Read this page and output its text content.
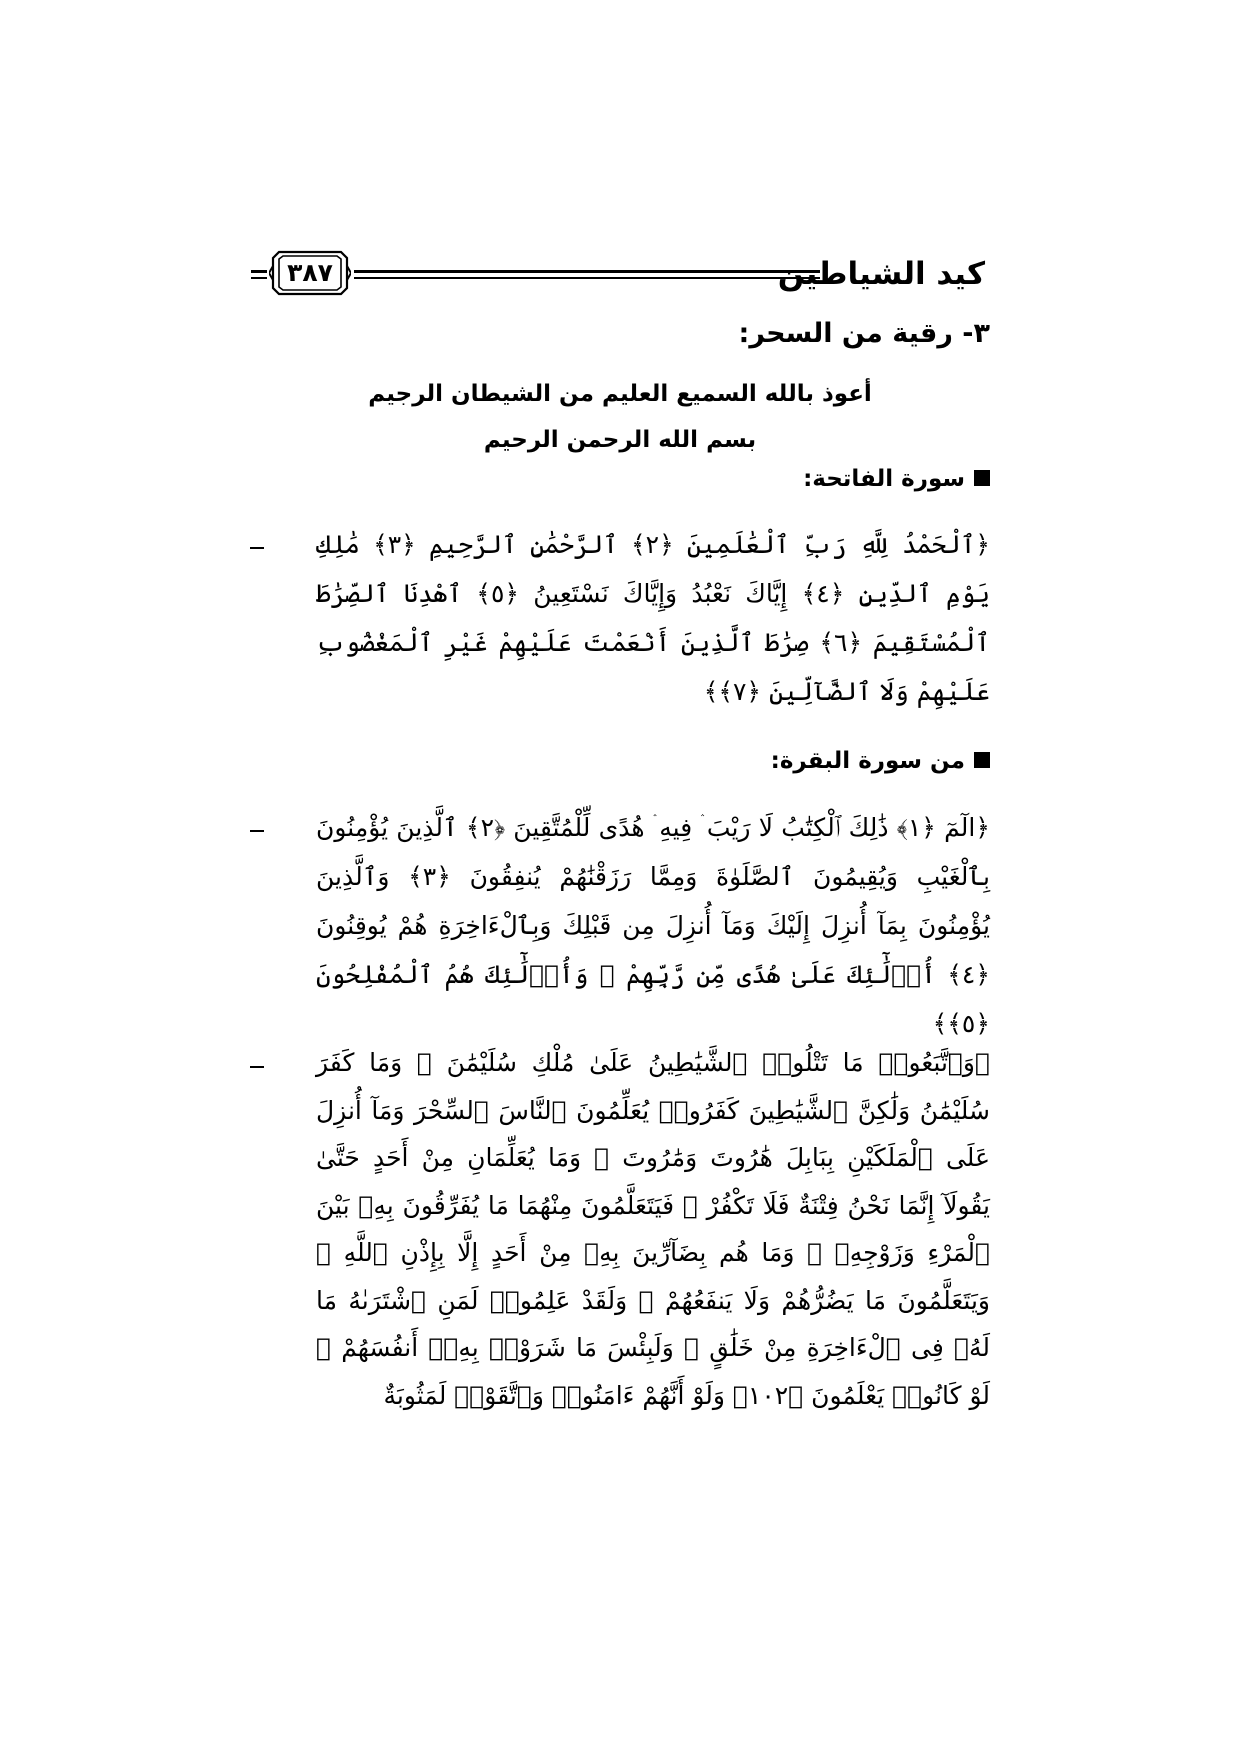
٣٨٧	كيد الشياطين
٣- رقية من السحر:
أعوذ بالله السميع العليم من الشيطان الرجيم
بسم الله الرحمن الرحيم
سورة الفاتحة:
﴿ٱلْحَمْدُ لِلَّهِ رَبِّ ٱلْعَٰلَمِينَ ﴿٢﴾ ٱلرَّحْمَٰنِ ٱلرَّحِيمِ ﴿٣﴾ مَٰلِكِ يَوْمِ ٱلدِّينِ ﴿٤﴾ إِيَّاكَ نَعْبُدُ وَإِيَّاكَ نَسْتَعِينُ ﴿٥﴾ ٱهْدِنَا ٱلصِّرَٰطَ ٱلْمُسْتَقِيمَ ﴿٦﴾ صِرَٰطَ ٱلَّذِينَ أَنْعَمْتَ عَلَيْهِمْ غَيْرِ ٱلْمَغْضُوبِ عَلَيْهِمْ وَلَا ٱلضَّآلِّينَ ﴿٧﴾﴾
من سورة البقرة:
﴿الٓمٓ ﴿١﴾ ذَٰلِكَ ٱلْكِتَٰبُ لَا رَيْبَ ۛ فِيهِ ۛ هُدًى لِّلْمُتَّقِينَ ﴿٢﴾ ٱلَّذِينَ يُؤْمِنُونَ بِٱلْغَيْبِ وَيُقِيمُونَ ٱلصَّلَوٰةَ وَمِمَّا رَزَقْنَٰهُمْ يُنفِقُونَ ﴿٣﴾ وَٱلَّذِينَ يُؤْمِنُونَ بِمَآ أُنزِلَ إِلَيْكَ وَمَآ أُنزِلَ مِن قَبْلِكَ وَبِٱلْءَاخِرَةِ هُمْ يُوقِنُونَ ﴿٤﴾ أُو۟لَٰٓئِكَ عَلَىٰ هُدًى مِّن رَّبِّهِمْ ۖ وَأُو۟لَٰٓئِكَ هُمُ ٱلْمُفْلِحُونَ ﴿٥﴾﴾
﴿وَٱتَّبَعُوا۟ مَا تَتْلُوا۟ ٱلشَّيَٰطِينُ عَلَىٰ مُلْكِ سُلَيْمَٰنَ ۖ وَمَا كَفَرَ سُلَيْمَٰنُ وَلَٰكِنَّ ٱلشَّيَٰطِينَ كَفَرُوا۟ يُعَلِّمُونَ ٱلنَّاسَ ٱلسِّحْرَ وَمَآ أُنزِلَ عَلَى ٱلْمَلَكَيْنِ بِبَابِلَ هَٰرُوتَ وَمَٰرُوتَ ۚ وَمَا يُعَلِّمَانِ مِنْ أَحَدٍ حَتَّىٰ يَقُولَآ إِنَّمَا نَحْنُ فِتْنَةٌ فَلَا تَكْفُرْ ۖ فَيَتَعَلَّمُونَ مِنْهُمَا مَا يُفَرِّقُونَ بِهِۦ بَيْنَ ٱلْمَرْءِ وَزَوْجِهِۦ ۚ وَمَا هُم بِضَآرِّينَ بِهِۦ مِنْ أَحَدٍ إِلَّا بِإِذْنِ ٱللَّهِ ۚ وَيَتَعَلَّمُونَ مَا يَضُرُّهُمْ وَلَا يَنفَعُهُمْ ۚ وَلَقَدْ عَلِمُوا۟ لَمَنِ ٱشْتَرَىٰهُ مَا لَهُۥ فِى ٱلْءَاخِرَةِ مِنْ خَلَٰقٍ ۚ وَلَبِئْسَ مَا شَرَوْا۟ بِهِۦٓ أَنفُسَهُمْ ۚ لَوْ كَانُوا۟ يَعْلَمُونَ ﴿١٠٢﴾ وَلَوْ أَنَّهُمْ ءَامَنُوا۟ وَٱتَّقَوْا۟ لَمَثُوبَةٌ
